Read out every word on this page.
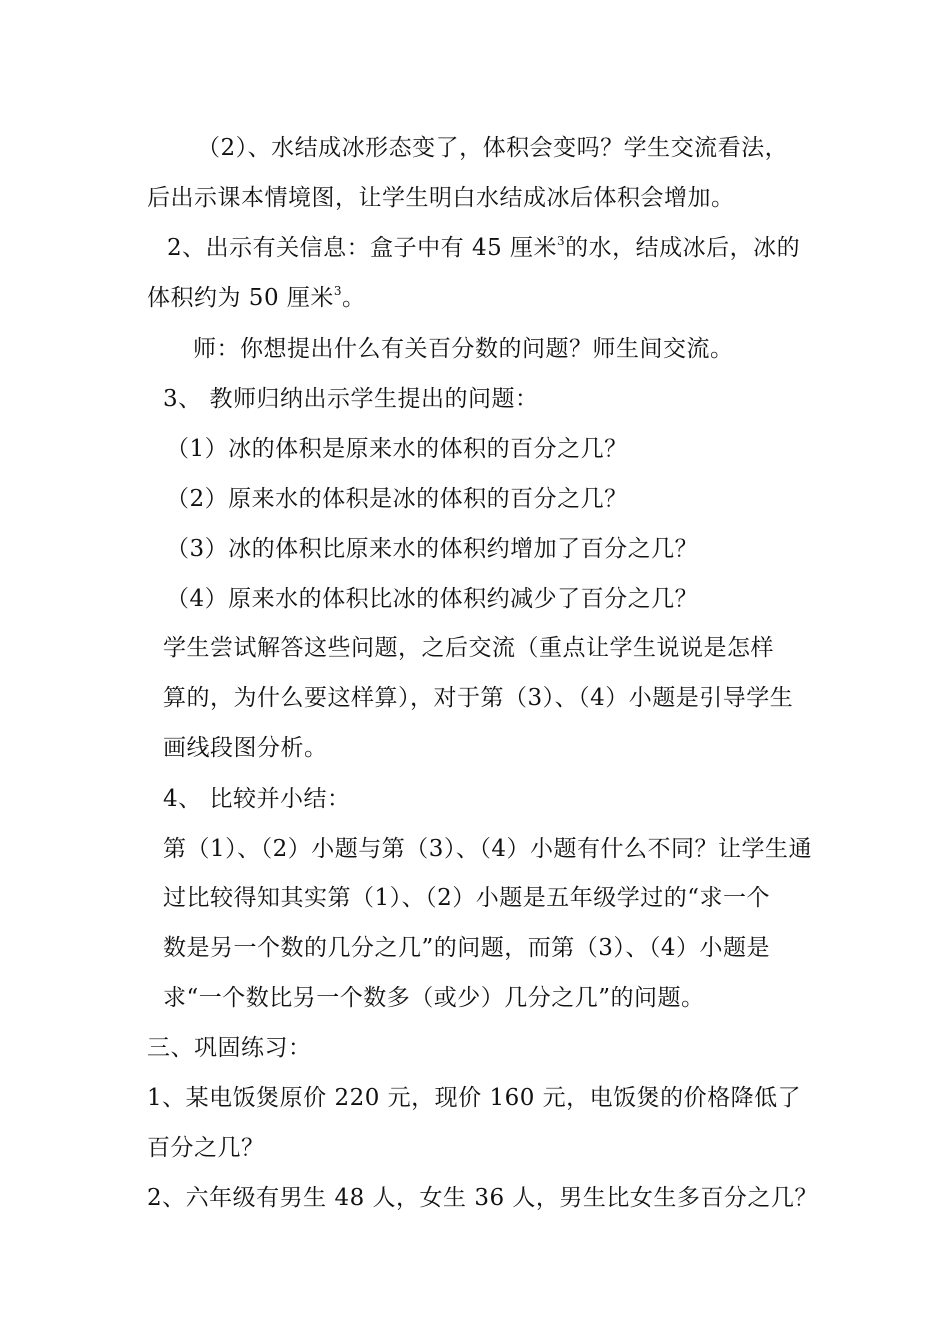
（2）、水结成冰形态变了，体积会变吗？学生交流看法，
后出示课本情境图，让学生明白水结成冰后体积会增加。
2、出示有关信息：盒子中有 45 厘米$^3$的水，结成冰后，冰的
体积约为 50 厘米$^3$。
师：你想提出什么有关百分数的问题？师生间交流。
3、 教师归纳出示学生提出的问题：
（1）冰的体积是原来水的体积的百分之几？
（2）原来水的体积是冰的体积的百分之几？
（3）冰的体积比原来水的体积约增加了百分之几？
（4）原来水的体积比冰的体积约减少了百分之几？
学生尝试解答这些问题，之后交流（重点让学生说说是怎样
算的，为什么要这样算），对于第（3）、（4）小题是引导学生
画线段图分析。
4、 比较并小结：
第（1）、（2）小题与第（3）、（4）小题有什么不同？让学生通
过比较得知其实第（1）、（2）小题是五年级学过的“求一个
数是另一个数的几分之几”的问题，而第（3）、（4）小题是
求“一个数比另一个数多（或少）几分之几”的问题。
三、巩固练习：
1、某电饭煲原价 220 元，现价 160 元，电饭煲的价格降低了
百分之几？
2、六年级有男生 48 人，女生 36 人，男生比女生多百分之几？
